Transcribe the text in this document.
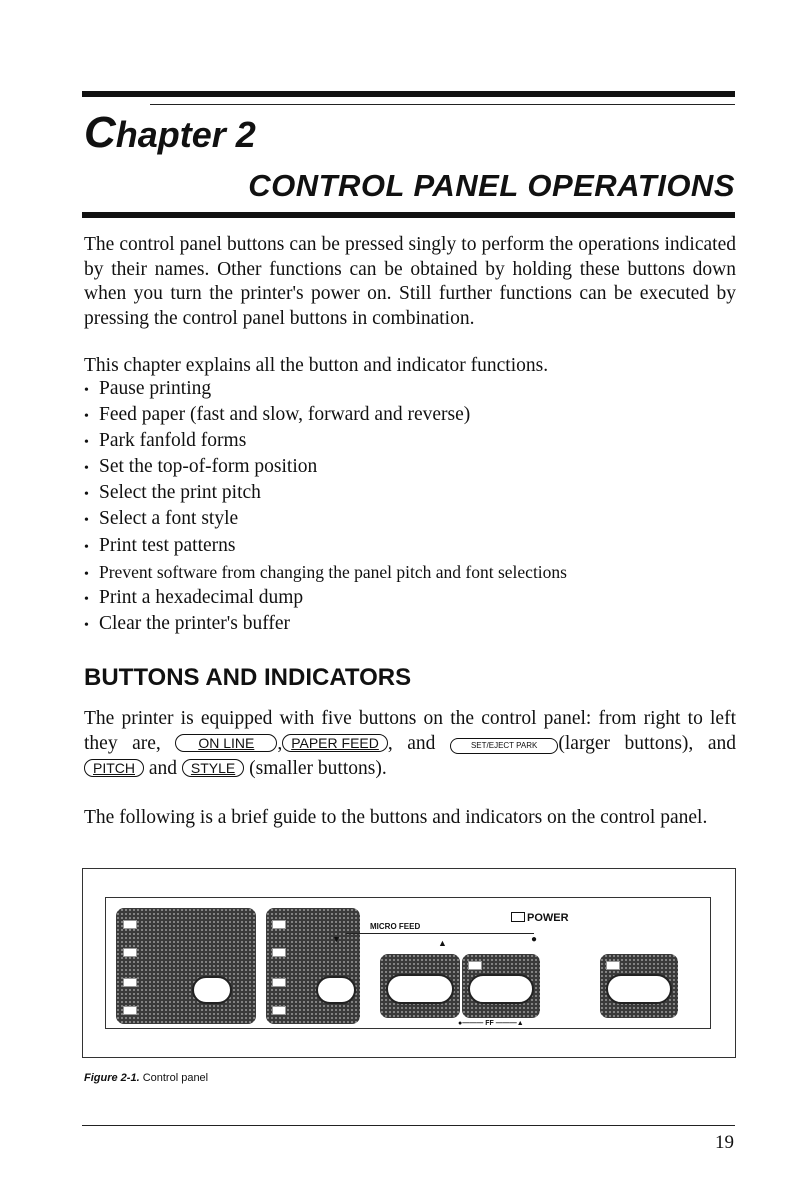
Chapter 2
CONTROL PANEL OPERATIONS
The control panel buttons can be pressed singly to perform the operations indicated by their names. Other functions can be obtained by holding these buttons down when you turn the printer's power on. Still further functions can be executed by pressing the control panel buttons in combination.
This chapter explains all the button and indicator functions.
• Pause printing
• Feed paper (fast and slow, forward and reverse)
• Park fanfold forms
• Set the top-of-form position
• Select the print pitch
• Select a font style
• Print test patterns
• Prevent software from changing the panel pitch and font selections
• Print a hexadecimal dump
• Clear the printer's buffer
BUTTONS AND INDICATORS
The printer is equipped with five buttons on the control panel: from right to left they are,	ON LINE , PAPER FEED , and	SET/EJECT PARK (larger buttons), and PITCH and STYLE (smaller buttons).
The following is a brief guide to the buttons and indicators on the control panel.
MICRO FEED
▼	▲	●
POWER
●——— FF ———▲
Figure 2-1. Control panel
19
